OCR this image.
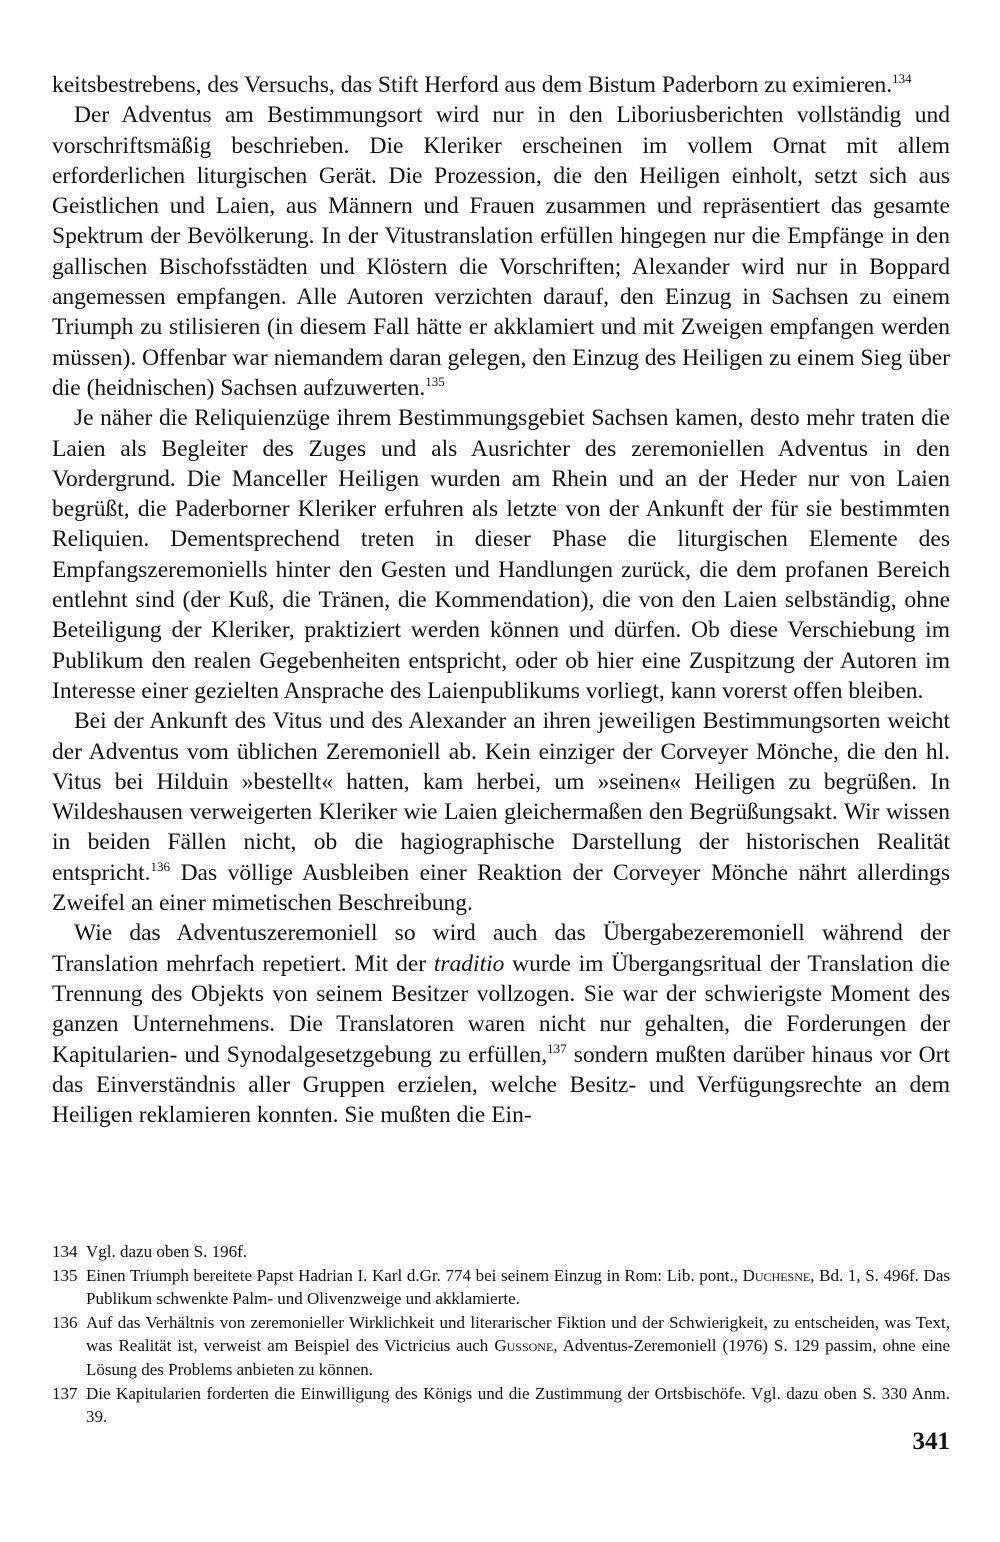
keitsbestrebens, des Versuchs, das Stift Herford aus dem Bistum Paderborn zu eximieren.$^{134}$

Der Adventus am Bestimmungsort wird nur in den Liboriusberichten vollständig und vorschriftsmäßig beschrieben. Die Kleriker erscheinen im vollem Ornat mit allem erforderlichen liturgischen Gerät. Die Prozession, die den Heiligen einholt, setzt sich aus Geistlichen und Laien, aus Männern und Frauen zusammen und repräsentiert das gesamte Spektrum der Bevölkerung. In der Vitustranslation erfüllen hingegen nur die Empfänge in den gallischen Bischofsstädten und Klöstern die Vorschriften; Alexander wird nur in Boppard angemessen empfangen. Alle Autoren verzichten darauf, den Einzug in Sachsen zu einem Triumph zu stilisieren (in diesem Fall hätte er akklamiert und mit Zweigen empfangen werden müssen). Offenbar war niemandem daran gelegen, den Einzug des Heiligen zu einem Sieg über die (heidnischen) Sachsen aufzuwerten.$^{135}$

Je näher die Reliquienzüge ihrem Bestimmungsgebiet Sachsen kamen, desto mehr traten die Laien als Begleiter des Zuges und als Ausrichter des zeremoniellen Adventus in den Vordergrund. Die Manceller Heiligen wurden am Rhein und an der Heder nur von Laien begrüßt, die Paderborner Kleriker erfuhren als letzte von der Ankunft der für sie bestimmten Reliquien. Dementsprechend treten in dieser Phase die liturgischen Elemente des Empfangszeremoniells hinter den Gesten und Handlungen zurück, die dem profanen Bereich entlehnt sind (der Kuß, die Tränen, die Kommendation), die von den Laien selbständig, ohne Beteiligung der Kleriker, praktiziert werden können und dürfen. Ob diese Verschiebung im Publikum den realen Gegebenheiten entspricht, oder ob hier eine Zuspitzung der Autoren im Interesse einer gezielten Ansprache des Laienpublikums vorliegt, kann vorerst offen bleiben.

Bei der Ankunft des Vitus und des Alexander an ihren jeweiligen Bestimmungsorten weicht der Adventus vom üblichen Zeremoniell ab. Kein einziger der Corveyer Mönche, die den hl. Vitus bei Hilduin »bestellt« hatten, kam herbei, um »seinen« Heiligen zu begrüßen. In Wildeshausen verweigerten Kleriker wie Laien gleichermaßen den Begrüßungsakt. Wir wissen in beiden Fällen nicht, ob die hagiographische Darstellung der historischen Realität entspricht.$^{136}$ Das völlige Ausbleiben einer Reaktion der Corveyer Mönche nährt allerdings Zweifel an einer mimetischen Beschreibung.

Wie das Adventuszeremoniell so wird auch das Übergabezeremoniell während der Translation mehrfach repetiert. Mit der traditio wurde im Übergangsritual der Translation die Trennung des Objekts von seinem Besitzer vollzogen. Sie war der schwierigste Moment des ganzen Unternehmens. Die Translatoren waren nicht nur gehalten, die Forderungen der Kapitularien- und Synodalgesetzgebung zu erfüllen,$^{137}$ sondern mußten darüber hinaus vor Ort das Einverständnis aller Gruppen erzielen, welche Besitz- und Verfügungsrechte an dem Heiligen reklamieren konnten. Sie mußten die Ein-

134 Vgl. dazu oben S. 196f.
135 Einen Triumph bereitete Papst Hadrian I. Karl d.Gr. 774 bei seinem Einzug in Rom: Lib. pont., Duchesne, Bd. 1, S. 496f. Das Publikum schwenkte Palm- und Olivenzweige und akklamierte.
136 Auf das Verhältnis von zeremonieller Wirklichkeit und literarischer Fiktion und der Schwierigkeit, zu entscheiden, was Text, was Realität ist, verweist am Beispiel des Victricius auch Gussone, Adventus-Zeremoniell (1976) S. 129 passim, ohne eine Lösung des Problems anbieten zu können.
137 Die Kapitularien forderten die Einwilligung des Königs und die Zustimmung der Ortsbischöfe. Vgl. dazu oben S. 330 Anm. 39.
341
